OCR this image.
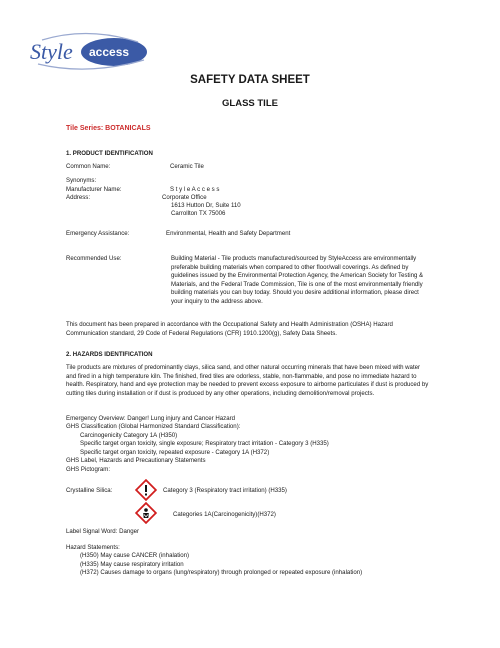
Style access
SAFETY DATA SHEET
GLASS TILE
Tile Series: BOTANICALS
1. PRODUCT IDENTIFICATION
Common Name:	Ceramic Tile
Synonyms:
Manufacturer Name:	S t y l e A c c e s s
Address:	Corporate Office
1613 Hutton Dr, Suite 110
Carrollton TX 75006
Emergency Assistance:	Environmental, Health and Safety Department
Recommended Use:	Building Material - Tile products manufactured/sourced by StyleAccess are environmentally
preferable building materials when compared to other floor/wall coverings. As defined by
guidelines issued by the Environmental Protection Agency, the American Society for Testing &
Materials, and the Federal Trade Commission, Tile is one of the most environmentally friendly
building materials you can buy today. Should you desire additional information, please direct
your inquiry to the address above.
This document has been prepared in accordance with the Occupational Safety and Health Administration (OSHA) Hazard
Communication standard, 29 Code of Federal Regulations (CFR) 1910.1200(g), Safety Data Sheets.
2. HAZARDS IDENTIFICATION
Tile products are mixtures of predominantly clays, silica sand, and other natural occurring minerals that have been mixed with water
and fired in a high temperature kiln. The finished, fired tiles are odorless, stable, non-flammable, and pose no immediate hazard to
health. Respiratory, hand and eye protection may be needed to prevent excess exposure to airborne particulates if dust is produced by
cutting tiles during installation or if dust is produced by any other operations, including demolition/removal projects.
Emergency Overview: Danger! Lung injury and Cancer Hazard
GHS Classification (Global Harmonized Standard Classification):
Carcinogenicity Category 1A (H350)
Specific target organ toxicity, single exposure; Respiratory tract irritation - Category 3 (H335)
Specific target organ toxicity, repeated exposure - Category 1A (H372)
GHS Label, Hazards and Precautionary Statements
GHS Pictogram:
Crystalline Silica:	Category 3 (Respiratory tract irritation) (H335)
Categories 1A(Carcinogenicity)(H372)
Label Signal Word: Danger
Hazard Statements:
(H350) May cause CANCER (inhalation)
(H335) May cause respiratory irritation
(H372) Causes damage to organs (lung/respiratory) through prolonged or repeated exposure (inhalation)
